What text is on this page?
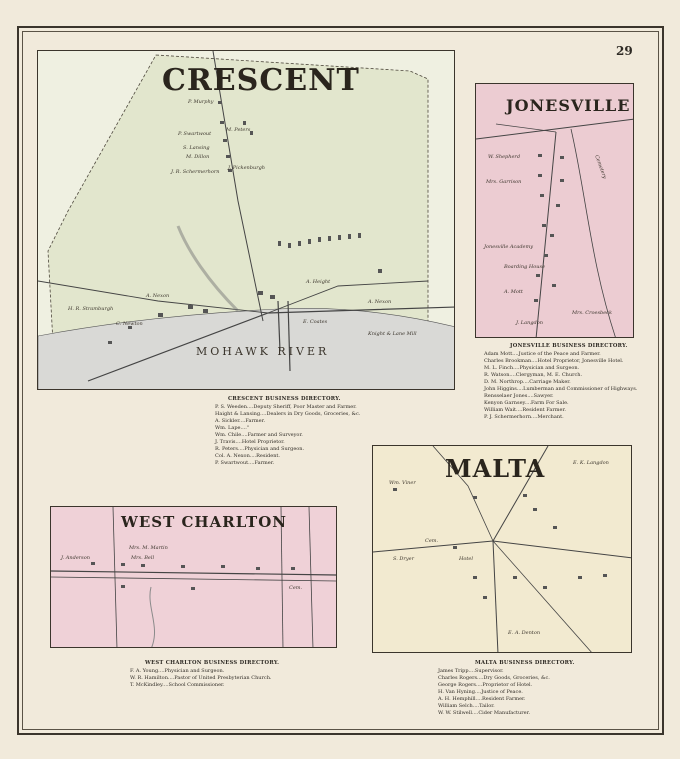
29
CRESCENT
MOHAWK RIVER
P. Murphy
M. Peters
P. Swartwout
S. Lansing
M. Dillon
J. R. Schermerhorn
J. Pickenburgh
A. Nexon
H. R. Stramburgh
C. Newton
A. Nexon
Knight & Lane Mill
E. Coates
A. Height
CRESCENT BUSINESS DIRECTORY.
P. S. Weeden....Deputy Sheriff, Poor Master and Farmer.
Haight & Lansing....Dealers in Dry Goods, Groceries, &c.
A. Sickler....Farmer.
Wm. Lape...."
Wm. Chile....Farmer and Surveyor.
J. Travis....Hotel Proprietor.
R. Peters....Physician and Surgeon.
Col. A. Nexon....Resident.
P. Swartwout....Farmer.
JONESVILLE
Cemetery
W. Shepherd
Mrs. Garrison
Jonesville Academy
Boarding House
A. Mott
J. Langdon
Mrs. Croesbeck
JONESVILLE BUSINESS DIRECTORY.
Adam Mott....Justice of the Peace and Farmer.
Charles Brookman....Hotel Proprietor, Jonesville Hotel.
M. L. Finch....Physician and Surgeon.
R. Watson....Clergyman, M. E. Church.
D. M. Northrop....Carriage Maker.
John Higgins....Lumberman and Commissioner of Highways.
Rensselaer Jones....Sawyer.
Kenyon Garnsey....Farm For Sale.
William Wait....Resident Farmer.
P. J. Schermerhorn....Merchant.
WEST CHARLTON
J. Anderson
Mrs. M. Martin
Mrs. Bell
Cem.
WEST CHARLTON BUSINESS DIRECTORY.
F. A. Young....Physician and Surgeon.
W. R. Hamilton....Pastor of United Presbyterian Church.
T. McKindley....School Commissioner.
MALTA	E. K. Langdon
Wm. Viner
Hotel
Cem.
S. Dryer
E. A. Denton
MALTA BUSINESS DIRECTORY.
James Tripp....Supervisor.
Charles Rogers....Dry Goods, Groceries, &c.
George Rogers....Proprietor of Hotel.
H. Van Hyning....Justice of Peace.
A. H. Hemphill....Resident Farmer.
William Selch....Tailor.
W. W. Stilwell....Cider Manufacturer.
